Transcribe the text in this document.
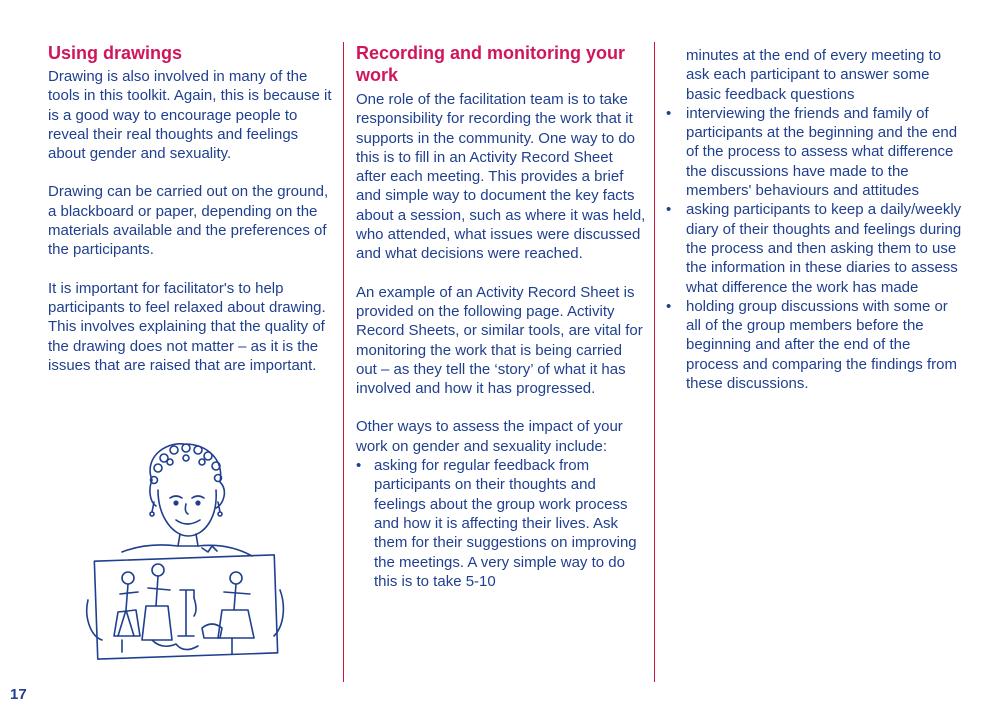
Using drawings

Drawing is also involved in many of the tools in this toolkit. Again, this is because it is a good way to encourage people to reveal their real thoughts and feelings about gender and sexuality.

Drawing can be carried out on the ground, a blackboard or paper, depending on the materials available and the preferences of the participants.

It is important for facilitator's to help participants to feel relaxed about drawing. This involves explaining that the quality of the drawing does not matter – as it is the issues that are raised that are important.

Recording and monitoring your work

One role of the facilitation team is to take responsibility for recording the work that it supports in the community. One way to do this is to fill in an Activity Record Sheet after each meeting. This provides a brief and simple way to document the key facts about a session, such as where it was held, who attended, what issues were discussed and what decisions were reached.

An example of an Activity Record Sheet is provided on the following page. Activity Record Sheets, or similar tools, are vital for monitoring the work that is being carried out – as they tell the ‘story’ of what it has involved and how it has progressed.

Other ways to assess the impact of your work on gender and sexuality include:

• asking for regular feedback from participants on their thoughts and feelings about the group work process and how it is affecting their lives. Ask them for their suggestions on improving the meetings. A very simple way to do this is to take 5-10
minutes at the end of every meeting to ask each participant to answer some basic feedback questions
• interviewing the friends and family of participants at the beginning and the end of the process to assess what difference the discussions have made to the members' behaviours and attitudes
• asking participants to keep a daily/weekly diary of their thoughts and feelings during the process and then asking them to use the information in these diaries to assess what difference the work has made
• holding group discussions with some or all of the group members before the beginning and after the end of the process and comparing the findings from these discussions.
17
